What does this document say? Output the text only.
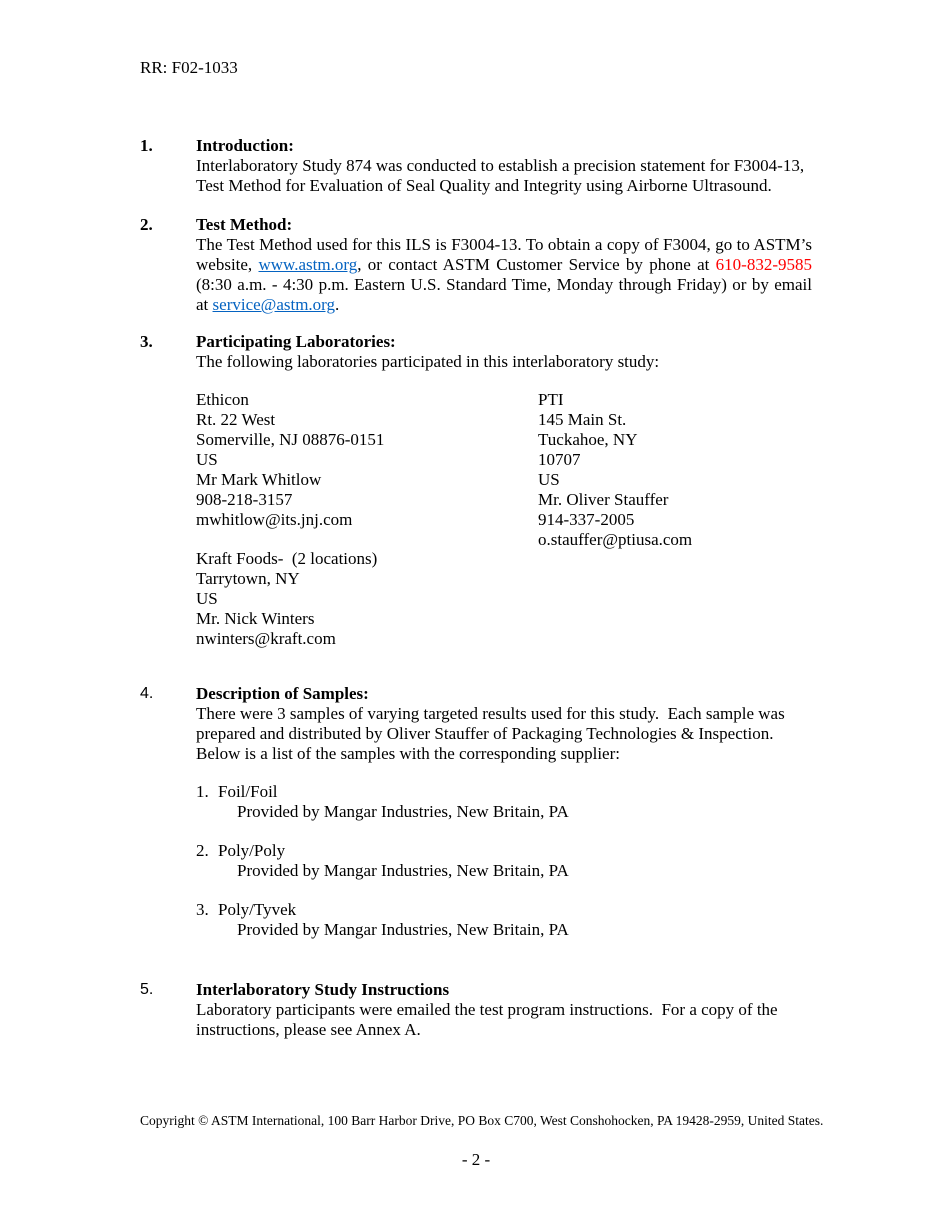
RR: F02-1033
1.	Introduction:

Interlaboratory Study 874 was conducted to establish a precision statement for F3004-13, Test Method for Evaluation of Seal Quality and Integrity using Airborne Ultrasound.

2.	Test Method:

The Test Method used for this ILS is F3004-13. To obtain a copy of F3004, go to ASTM’s website, www.astm.org, or contact ASTM Customer Service by phone at 610-832-9585 (8:30 a.m. - 4:30 p.m. Eastern U.S. Standard Time, Monday through Friday) or by email at service@astm.org.

3.	Participating Laboratories:

The following laboratories participated in this interlaboratory study:

Ethicon
Rt. 22 West
Somerville, NJ 08876-0151
US
Mr Mark Whitlow
908-218-3157
mwhitlow@its.jnj.com
Kraft Foods-  (2 locations)
Tarrytown, NY
US
Mr. Nick Winters
nwinters@kraft.com
PTI
145 Main St.
Tuckahoe, NY
10707
US
Mr. Oliver Stauffer
914-337-2005
o.stauffer@ptiusa.com
4.	Description of Samples:

There were 3 samples of varying targeted results used for this study.  Each sample was prepared and distributed by Oliver Stauffer of Packaging Technologies & Inspection. Below is a list of the samples with the corresponding supplier:

1. Foil/Foil
Provided by Mangar Industries, New Britain, PA
2. Poly/Poly
Provided by Mangar Industries, New Britain, PA
3. Poly/Tyvek
Provided by Mangar Industries, New Britain, PA
5.	Interlaboratory Study Instructions

Laboratory participants were emailed the test program instructions.  For a copy of the instructions, please see Annex A.

Copyright © ASTM International, 100 Barr Harbor Drive, PO Box C700, West Conshohocken, PA 19428-2959, United States.
- 2 -
